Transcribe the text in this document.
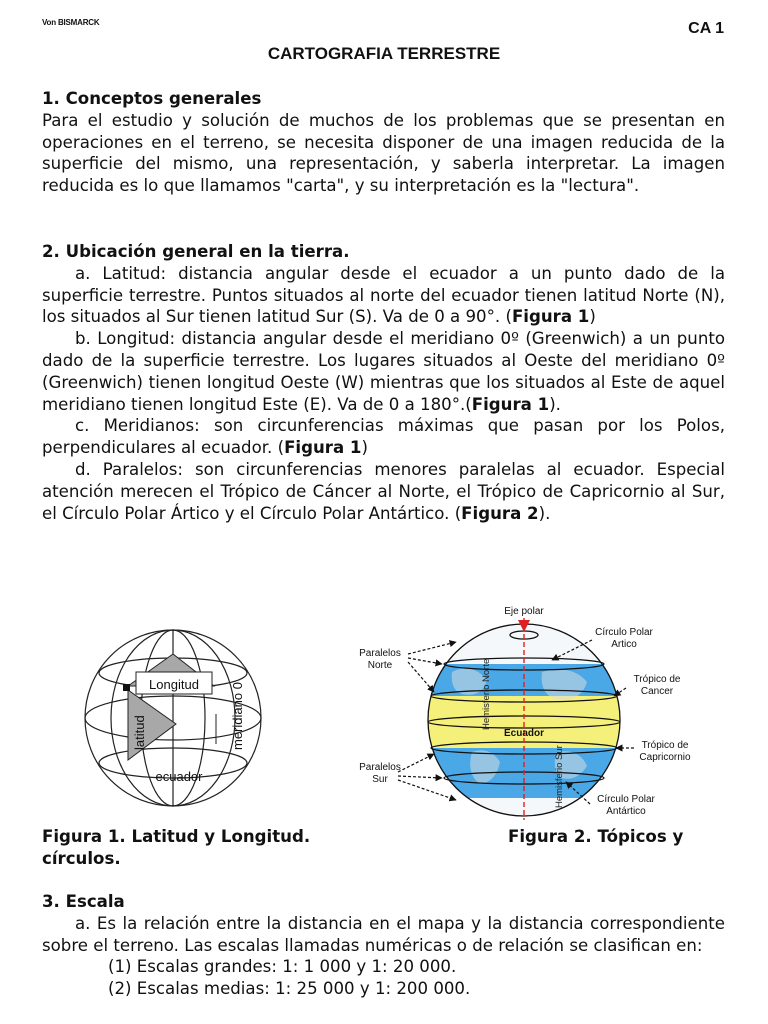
Von BISMARCK	CA 1
CARTOGRAFIA TERRESTRE
1. Conceptos generales
Para el estudio y solución de muchos de los problemas que se presentan en operaciones en el terreno, se necesita disponer de una imagen reducida de la superficie del mismo, una representación, y saberla interpretar. La imagen reducida es lo que llamamos "carta", y su interpretación es la "lectura".
2. Ubicación general en la tierra.
a. Latitud: distancia angular desde el ecuador a un punto dado de la superficie terrestre. Puntos situados al norte del ecuador tienen latitud Norte (N), los situados al Sur tienen latitud Sur (S). Va de 0 a 90°. (Figura 1)
b. Longitud: distancia angular desde el meridiano 0º (Greenwich) a un punto dado de la superficie terrestre. Los lugares situados al Oeste del meridiano 0º (Greenwich) tienen longitud Oeste (W) mientras que los situados al Este de aquel meridiano tienen longitud Este (E). Va de 0 a 180°.(Figura 1).
c. Meridianos: son circunferencias máximas que pasan por los Polos, perpendiculares al ecuador. (Figura 1)
d. Paralelos: son circunferencias menores paralelas al ecuador. Especial atención merecen el Trópico de Cáncer al Norte, el Trópico de Capricornio al Sur, el Círculo Polar Ártico y el Círculo Polar Antártico. (Figura 2).
Longitud
latitud	meridiano 0
ecuador
Eje polar
Hemisferio Norte
Hemisferio Sur
Ecuador
Paralelos
Norte
Paralelos
Sur
Círculo Polar
Artico
Trópico de
Cancer
Trópico de
Capricornio
Círculo Polar
Antártico
Figura 1. Latitud y Longitud.
círculos.
Figura 2. Tópicos y
3. Escala
a. Es la relación entre la distancia en el mapa y la distancia correspondiente sobre el terreno. Las escalas llamadas numéricas o de relación se clasifican en:
(1) Escalas grandes: 1: 1 000 y 1: 20 000.
(2) Escalas medias: 1: 25 000 y 1: 200 000.
